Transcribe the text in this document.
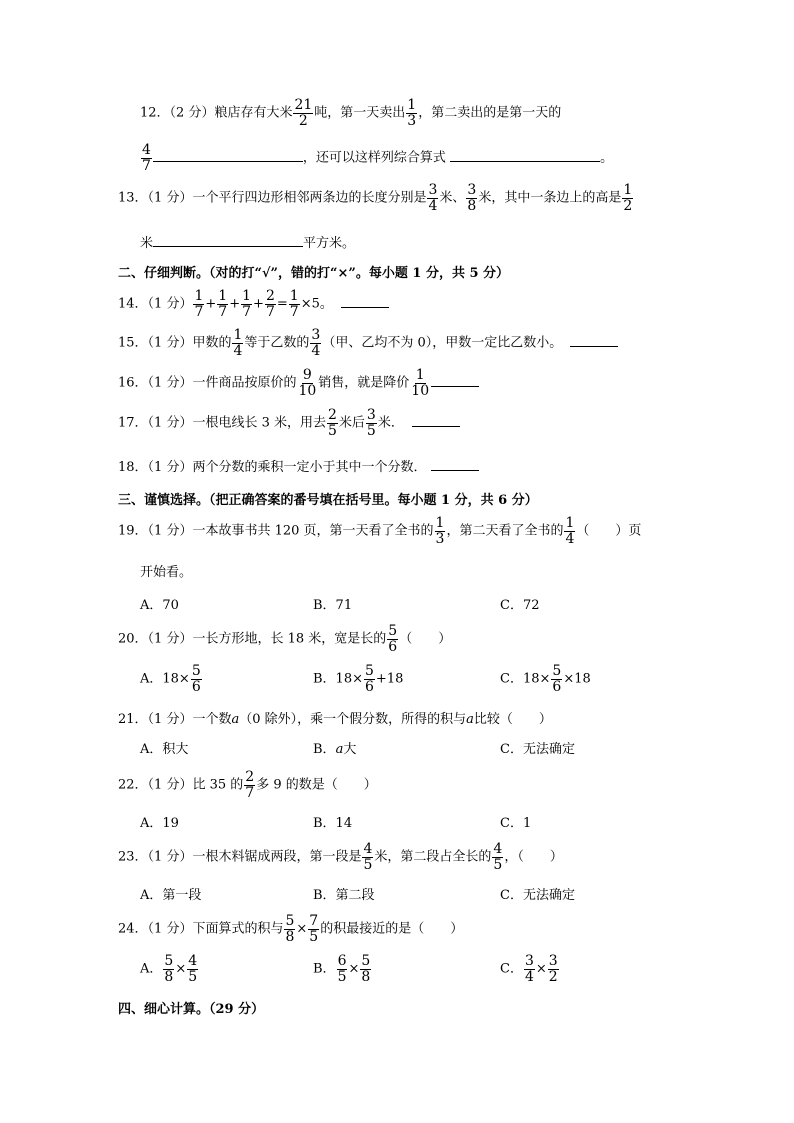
12．（2 分）粮店存有大米 $\frac{21}{2}$ 吨，第一天卖出 $\frac{1}{3}$ ，第二卖出的是第一天的
$\frac{4}{7}$	，还可以这样列综合算式	。
13．（1 分）一个平行四边形相邻两条边的长度分别是 $\frac{3}{4}$ 米、 $\frac{3}{8}$ 米，其中一条边上的高是 $\frac{1}{2}$
米	平方米。
二、仔细判断。（对的打“√”，错的打“×”。每小题 1 分，共 5 分）
14．（1 分） $\frac{1}{7} + \frac{1}{7} + \frac{1}{7} + \frac{2}{7} = \frac{1}{7} \times 5$。
15．（1 分）甲数的 $\frac{1}{4}$ 等于乙数的 $\frac{3}{4}$ （甲、乙均不为 0），甲数一定比乙数小。
16．（1 分）一件商品按原价的 $\frac{9}{10}$ 销售，就是降价 $\frac{1}{10}$
17．（1 分）一根电线长 3 米，用去 $\frac{2}{5}$ 米后 $\frac{3}{5}$ 米．
18．（1 分）两个分数的乘积一定小于其中一个分数．
三、谨慎选择。（把正确答案的番号填在括号里。每小题 1 分，共 6 分）
19．（1 分）一本故事书共 120 页，第一天看了全书的 $\frac{1}{3}$ ，第二天看了全书的 $\frac{1}{4}$ （　　）页
开始看。
A．70	B．71	C．72
20．（1 分）一长方形地，长 18 米，宽是长的 $\frac{5}{6}$ （　　）
A．$18\times \frac{5}{6}$	B．$18\times \frac{5}{6} +18$	C．$18\times \frac{5}{6} \times 18$
21．（1 分）一个数a（0 除外），乘一个假分数，所得的积与a比较（　　）
A．积大	B．a大	C．无法确定
22．（1 分）比 35 的 $\frac{2}{7}$ 多 9 的数是（　　）
A．19	B．14	C．1
23．（1 分）一根木料锯成两段，第一段是 $\frac{4}{5}$ 米，第二段占全长的 $\frac{4}{5}$ ，（　　）
A．第一段	B．第二段	C．无法确定
24．（1 分）下面算式的积与 $\frac{5}{8} \times \frac{7}{5}$ 的积最接近的是（　　）
A． $\frac{5}{8} \times \frac{4}{5}$	B． $\frac{6}{5} \times \frac{5}{8}$	C． $\frac{3}{4} \times \frac{3}{2}$
四、细心计算。（29 分）
